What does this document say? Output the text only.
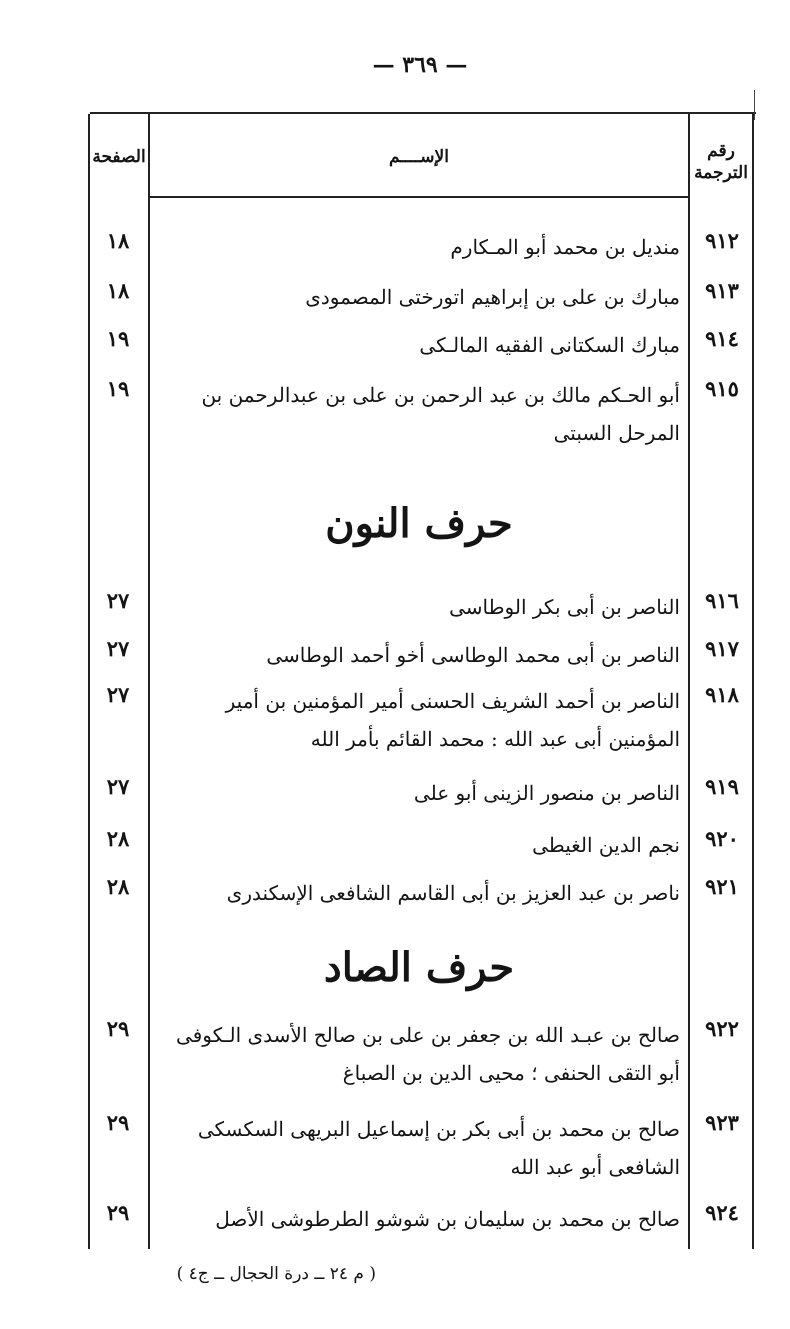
— ٣٦٩ —
الصفحة	الإســــم	رقم الترجمة
٩١٢
منديل بن محمد أبو المـكارم
١٨
٩١٣
مبارك بن على بن إبراهيم اتورختى المصمودى
١٨
٩١٤
مبارك السكتانى الفقيه المالـكى
١٩
٩١٥
أبو الحـكم مالك بن عبد الرحمن بن على بن عبدالرحمن بن المرحل السبتى
١٩
حرف النون
٩١٦
الناصر بن أبى بكر الوطاسى
٢٧
٩١٧
الناصر بن أبى محمد الوطاسى أخو أحمد الوطاسى
٢٧
٩١٨
الناصر بن أحمد الشريف الحسنى أمير المؤمنين بن أمير المؤمنين أبى عبد الله : محمد القائم بأمر الله
٢٧
٩١٩
الناصر بن منصور الزينى أبو على
٢٧
٩٢٠
نجم الدين الغيطى
٢٨
٩٢١
ناصر بن عبد العزيز بن أبى القاسم الشافعى الإسكندرى
٢٨
حرف الصاد
٩٢٢
صالح بن عبـد الله بن جعفر بن على بن صالح الأسدى الـكوفى أبو التقى الحنفى ؛ محيى الدين بن الصباغ
٢٩
٩٢٣
صالح بن محمد بن أبى بكر بن إسماعيل البريهى السكسكى الشافعى أبو عبد الله
٢٩
٩٢٤
صالح بن محمد بن سليمان بن شوشو الطرطوشى الأصل
٢٩
( م ٢٤ ــ درة الحجال ــ ج٤ )
